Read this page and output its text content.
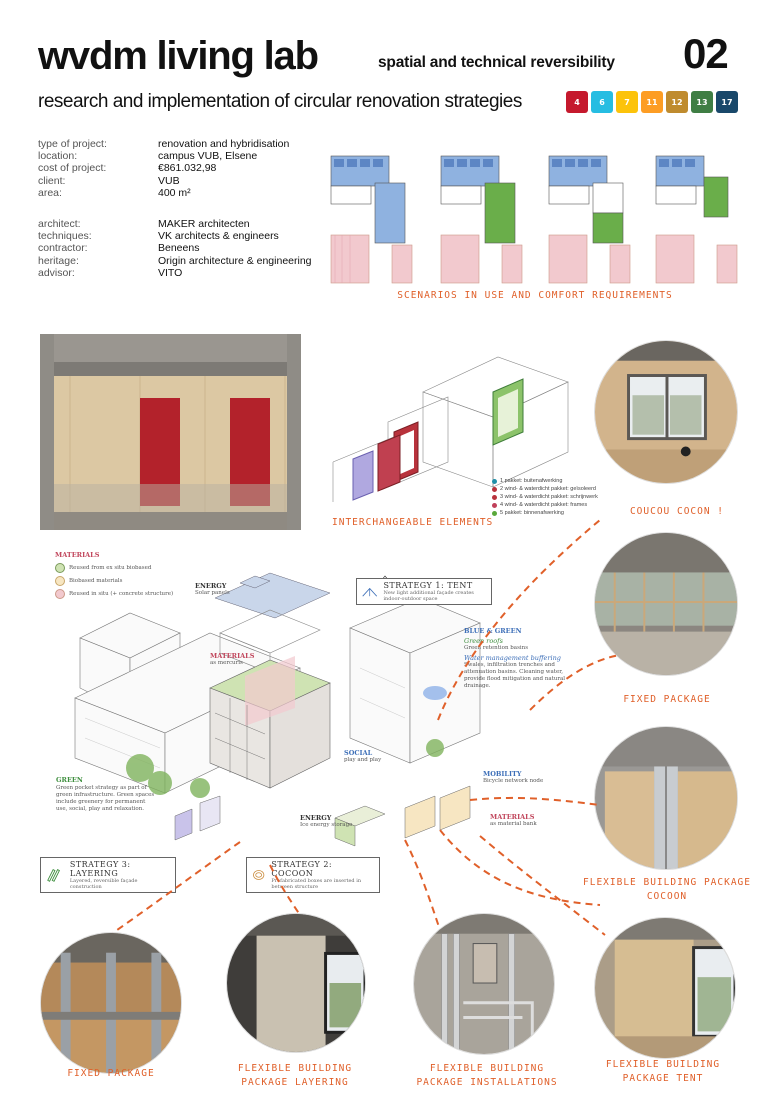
wvdm living lab	spatial and technical reversibility 02
research and implementation of circular renovation strategies	4	6	7	11	12	13	17
type of project:	renovation and hybridisation
location:	campus VUB, Elsene
cost of project:	€861.032,98
client:	VUB
area:	400 m²
architect:	MAKER architecten
techniques:	VK architects & engineers
contractor:	Beneens
heritage:	Origin architecture & engineering
advisor:	VITO
SCENARIOS IN USE AND COMFORT REQUIREMENTS
1 pakket: buitenafwerking
2 wind- & waterdicht pakket: geïsoleerd
3 wind- & waterdicht pakket: schrijnwerk
4 wind- & waterdicht pakket: frames
5 pakket: binnenafwerking
INTERCHANGEABLE ELEMENTS
COUCOU COCON !
FIXED PACKAGE
FLEXIBLE BUILDING PACKAGE COCOON
MATERIALS
Reused from ex situ biobased
Biobased materials
Reused in situ (+ concrete structure)
ENERGY
Solar panels
MATERIALS
as mercuris
STRATEGY 1: TENT
New light additional façade creates indoor-outdoor space
BLUE & GREEN
Green roofs
Green retention basins
Water management buffering
Swales, infiltration trenches and attenuation basins. Cleaning water, provide flood mitigation and natural drainage.
SOCIAL
play and play
GREEN
Green pocket strategy as part of green infrastructure. Green spaces include greenery for permanent use, social, play and relaxation.
ENERGY
Ice energy storage
MOBILITY
Bicycle network node
MATERIALS
as material bank
STRATEGY 3: LAYERING
Layered, reversible façade construction
STRATEGY 2: COCOON
Prefabricated boxes are inserted in between structure
FIXED PACKAGE	FLEXIBLE BUILDING PACKAGE LAYERING
FLEXIBLE BUILDING PACKAGE INSTALLATIONS
FLEXIBLE BUILDING PACKAGE TENT
